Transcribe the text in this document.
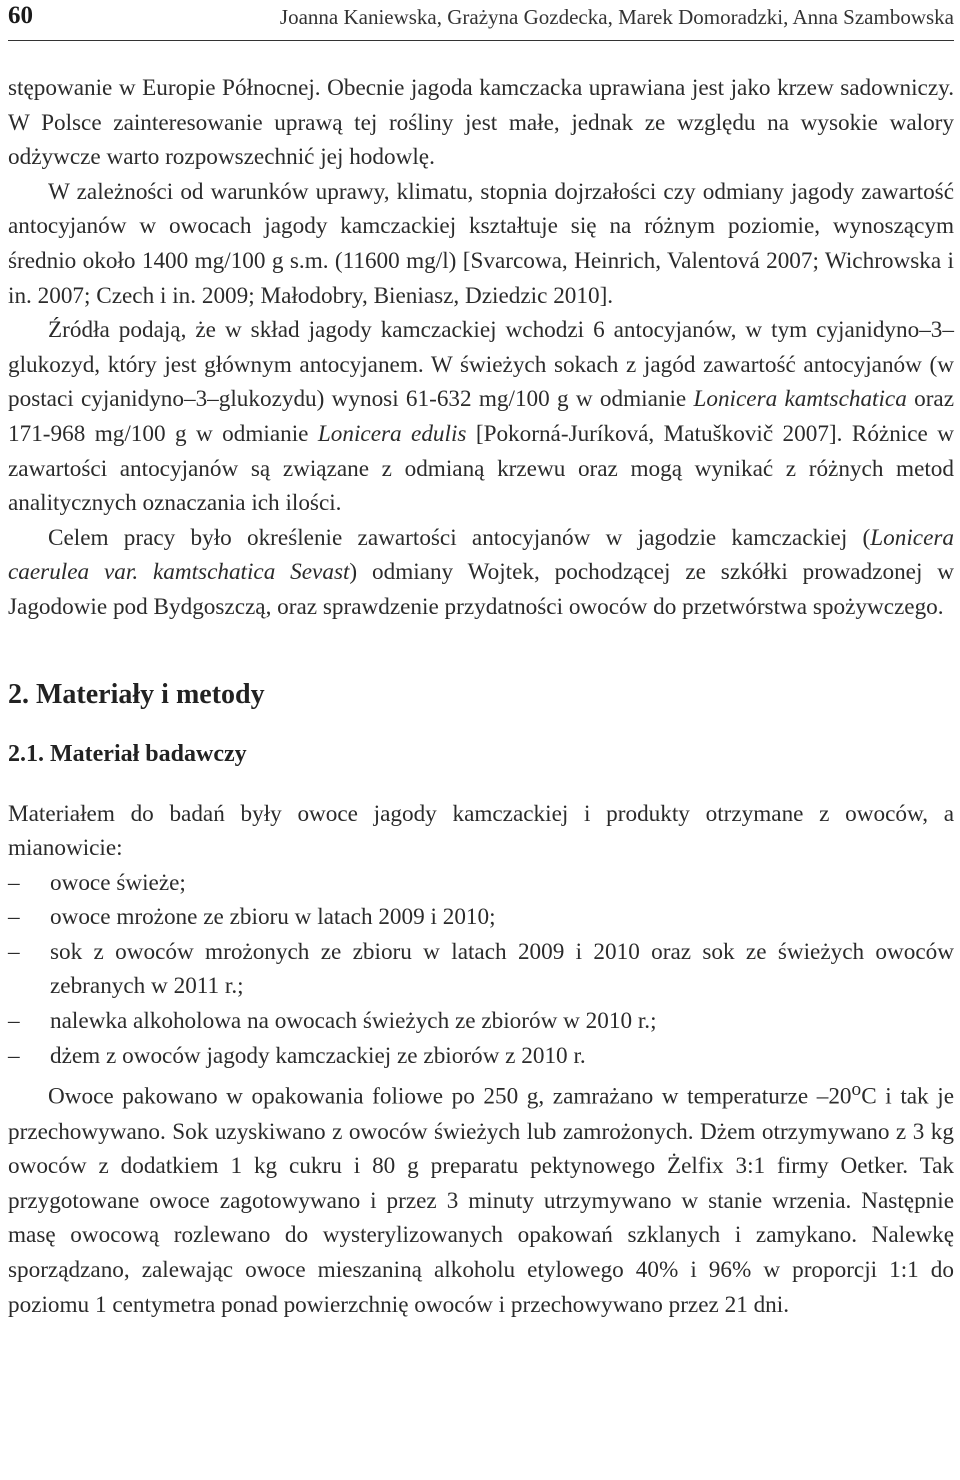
60	Joanna Kaniewska, Grażyna Gozdecka, Marek Domoradzki, Anna Szambowska

stępowanie w Europie Północnej. Obecnie jagoda kamczacka uprawiana jest jako krzew sadowniczy. W Polsce zainteresowanie uprawą tej rośliny jest małe, jednak ze względu na wysokie walory odżywcze warto rozpowszechnić jej hodowlę.

W zależności od warunków uprawy, klimatu, stopnia dojrzałości czy odmiany jagody zawartość antocyjanów w owocach jagody kamczackiej kształtuje się na różnym poziomie, wynoszącym średnio około 1400 mg/100 g s.m. (11600 mg/l) [Svarcowa, Heinrich, Valentová 2007; Wichrowska i in. 2007; Czech i in. 2009; Małodobry, Bieniasz, Dziedzic 2010].

Źródła podają, że w skład jagody kamczackiej wchodzi 6 antocyjanów, w tym cyjanidyno–3–glukozyd, który jest głównym antocyjanem. W świeżych sokach z jagód zawartość antocyjanów (w postaci cyjanidyno–3–glukozydu) wynosi 61-632 mg/100 g w odmianie Lonicera kamtschatica oraz 171-968 mg/100 g w odmianie Lonicera edulis [Pokorná-Juríková, Matuškovič 2007]. Różnice w zawartości antocyjanów są związane z odmianą krzewu oraz mogą wynikać z różnych metod analitycznych oznaczania ich ilości.

Celem pracy było określenie zawartości antocyjanów w jagodzie kamczackiej (Lonicera caerulea var. kamtschatica Sevast) odmiany Wojtek, pochodzącej ze szkółki prowadzonej w Jagodowie pod Bydgoszczą, oraz sprawdzenie przydatności owoców do przetwórstwa spożywczego.

2. Materiały i metody
2.1. Materiał badawczy

Materiałem do badań były owoce jagody kamczackiej i produkty otrzymane z owoców, a mianowicie:

– owoce świeże;
– owoce mrożone ze zbioru w latach 2009 i 2010;
– sok z owoców mrożonych ze zbioru w latach 2009 i 2010 oraz sok ze świeżych owoców zebranych w 2011 r.;
– nalewka alkoholowa na owocach świeżych ze zbiorów w 2010 r.;
– dżem z owoców jagody kamczackiej ze zbiorów z 2010 r.

Owoce pakowano w opakowania foliowe po 250 g, zamrażano w temperaturze –20$^o$C i tak je przechowywano. Sok uzyskiwano z owoców świeżych lub zamrożonych. Dżem otrzymywano z 3 kg owoców z dodatkiem 1 kg cukru i 80 g preparatu pektynowego Żelfix 3:1 firmy Oetker. Tak przygotowane owoce zagotowywano i przez 3 minuty utrzymywano w stanie wrzenia. Następnie masę owocową rozlewano do wysterylizowanych opakowań szklanych i zamykano. Nalewkę sporządzano, zalewając owoce mieszaniną alkoholu etylowego 40% i 96% w proporcji 1:1 do poziomu 1 centymetra ponad powierzchnię owoców i przechowywano przez 21 dni.
